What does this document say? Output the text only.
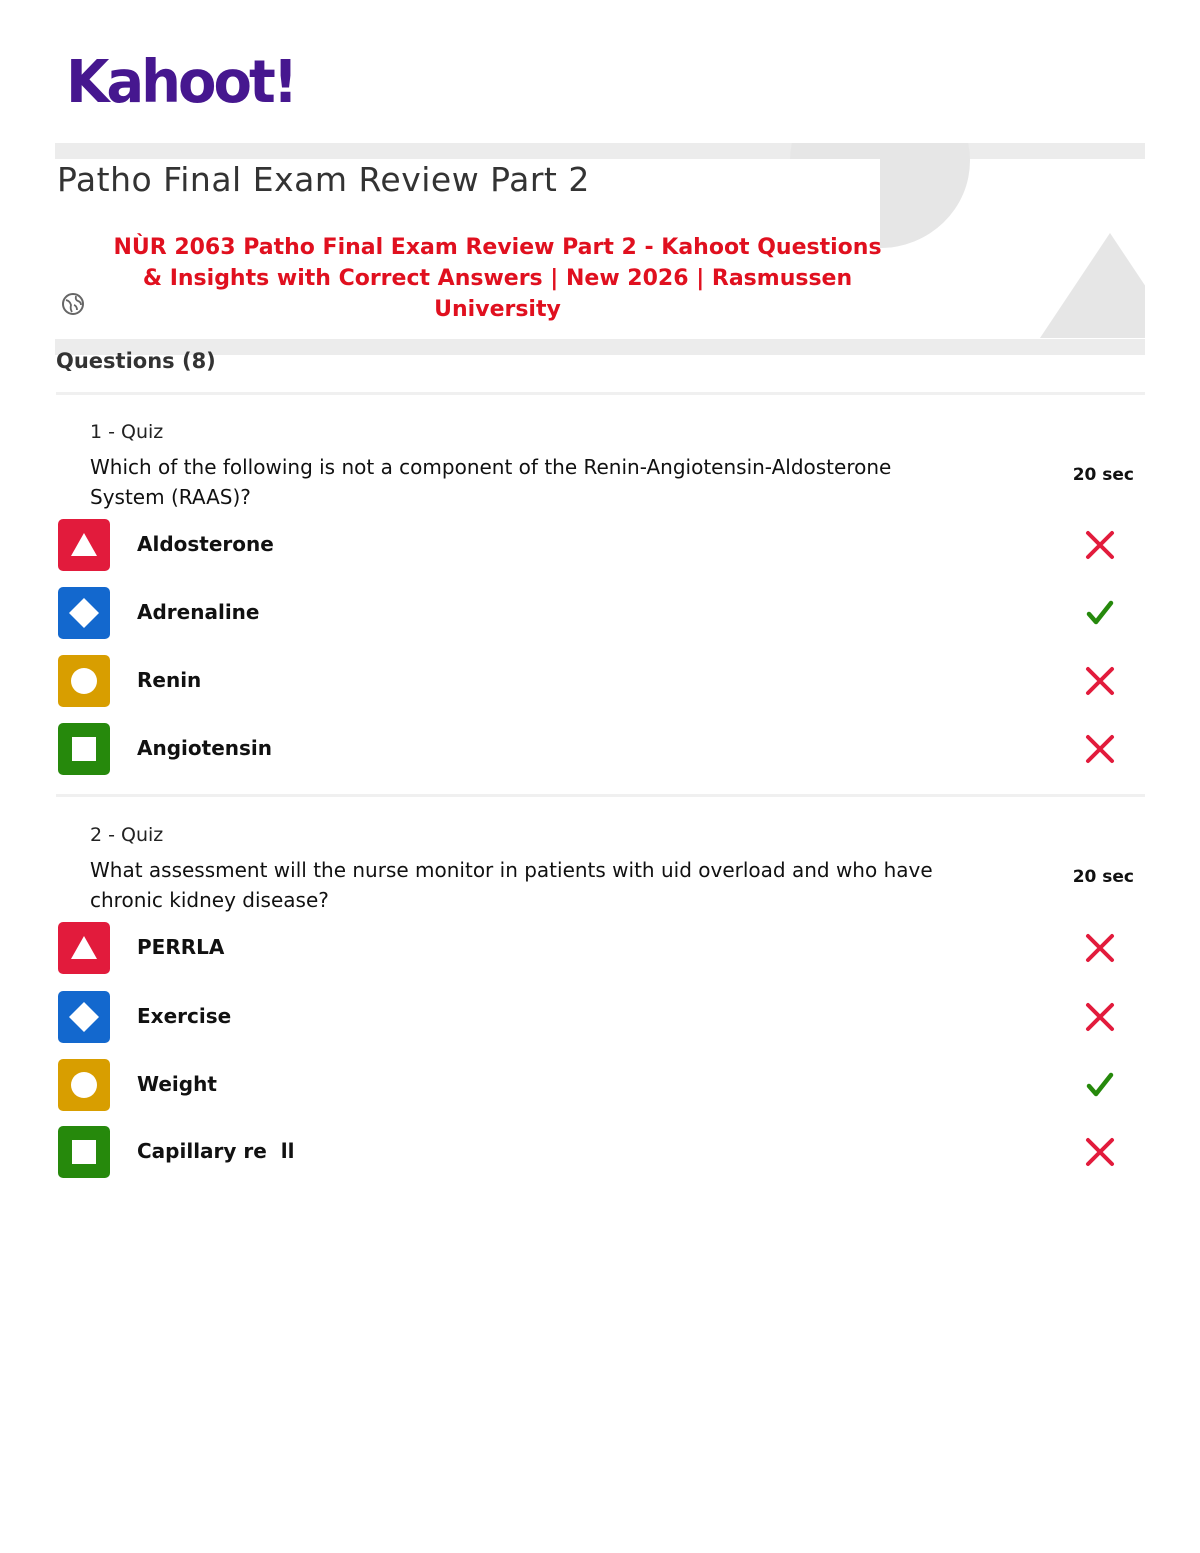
Kahoot!
Patho Final Exam Review Part 2

NÙR 2063 Patho Final Exam Review Part 2 - Kahoot Questions & Insights with Correct Answers | New 2026 | Rasmussen University

Questions (8)
1 - Quiz

Which of the following is not a component of the Renin-Angiotensin-Aldosterone System (RAAS)?

20 sec
Aldosterone
Adrenaline
Renin
Angiotensin
2 - Quiz

What assessment will the nurse monitor in patients with uid overload and who have chronic kidney disease?

20 sec
PERRLA
Exercise
Weight
Capillary re  ll
